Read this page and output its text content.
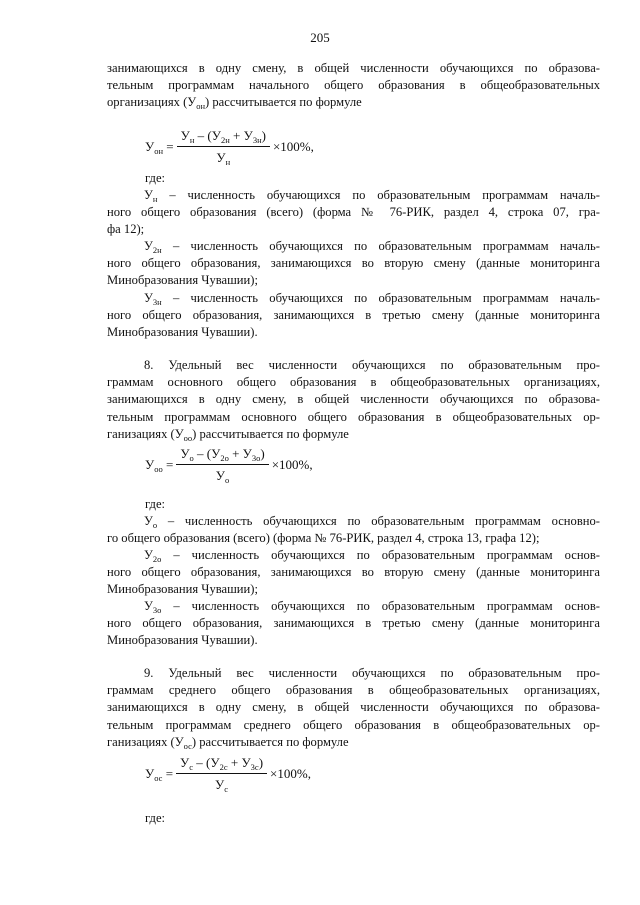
205
занимающихся в одну смену, в общей численности обучающихся по образова-
тельным программам начального общего образования в общеобразовательных
организациях $(У_{он})$ рассчитывается по формуле
$У_{он} = \frac{У_н - (У_{2н} + У_{3н})}{У_н} \times 100\%$,
где:
$У_н$ – численность обучающихся по образовательным программам началь-
ного общего образования (всего) (форма № 76-РИК, раздел 4, строка 07, гра-
фа 12);
$У_{2н}$ – численность обучающихся по образовательным программам началь-
ного общего образования, занимающихся во вторую смену (данные мониторинга
Минобразования Чувашии);
$У_{3н}$ – численность обучающихся по образовательным программам началь-
ного общего образования, занимающихся в третью смену (данные мониторинга
Минобразования Чувашии).
8. Удельный вес численности обучающихся по образовательным про-
граммам основного общего образования в общеобразовательных организациях,
занимающихся в одну смену, в общей численности обучающихся по образова-
тельным программам основного общего образования в общеобразовательных ор-
ганизациях $(У_{оо})$ рассчитывается по формуле
$У_{оо} = \frac{У_о - (У_{2о} + У_{3о})}{У_о} \times 100\%$,
где:
$У_о$ – численность обучающихся по образовательным программам основно-
го общего образования (всего) (форма № 76-РИК, раздел 4, строка 13, графа 12);
$У_{2о}$ – численность обучающихся по образовательным программам основ-
ного общего образования, занимающихся во вторую смену (данные мониторинга
Минобразования Чувашии);
$У_{3о}$ – численность обучающихся по образовательным программам основ-
ного общего образования, занимающихся в третью смену (данные мониторинга
Минобразования Чувашии).
9. Удельный вес численности обучающихся по образовательным про-
граммам среднего общего образования в общеобразовательных организациях,
занимающихся в одну смену, в общей численности обучающихся по образова-
тельным программам среднего общего образования в общеобразовательных ор-
ганизациях $(У_{ос})$ рассчитывается по формуле
$У_{ос} = \frac{У_с - (У_{2с} + У_{3с})}{У_с} \times 100\%$,
где:
